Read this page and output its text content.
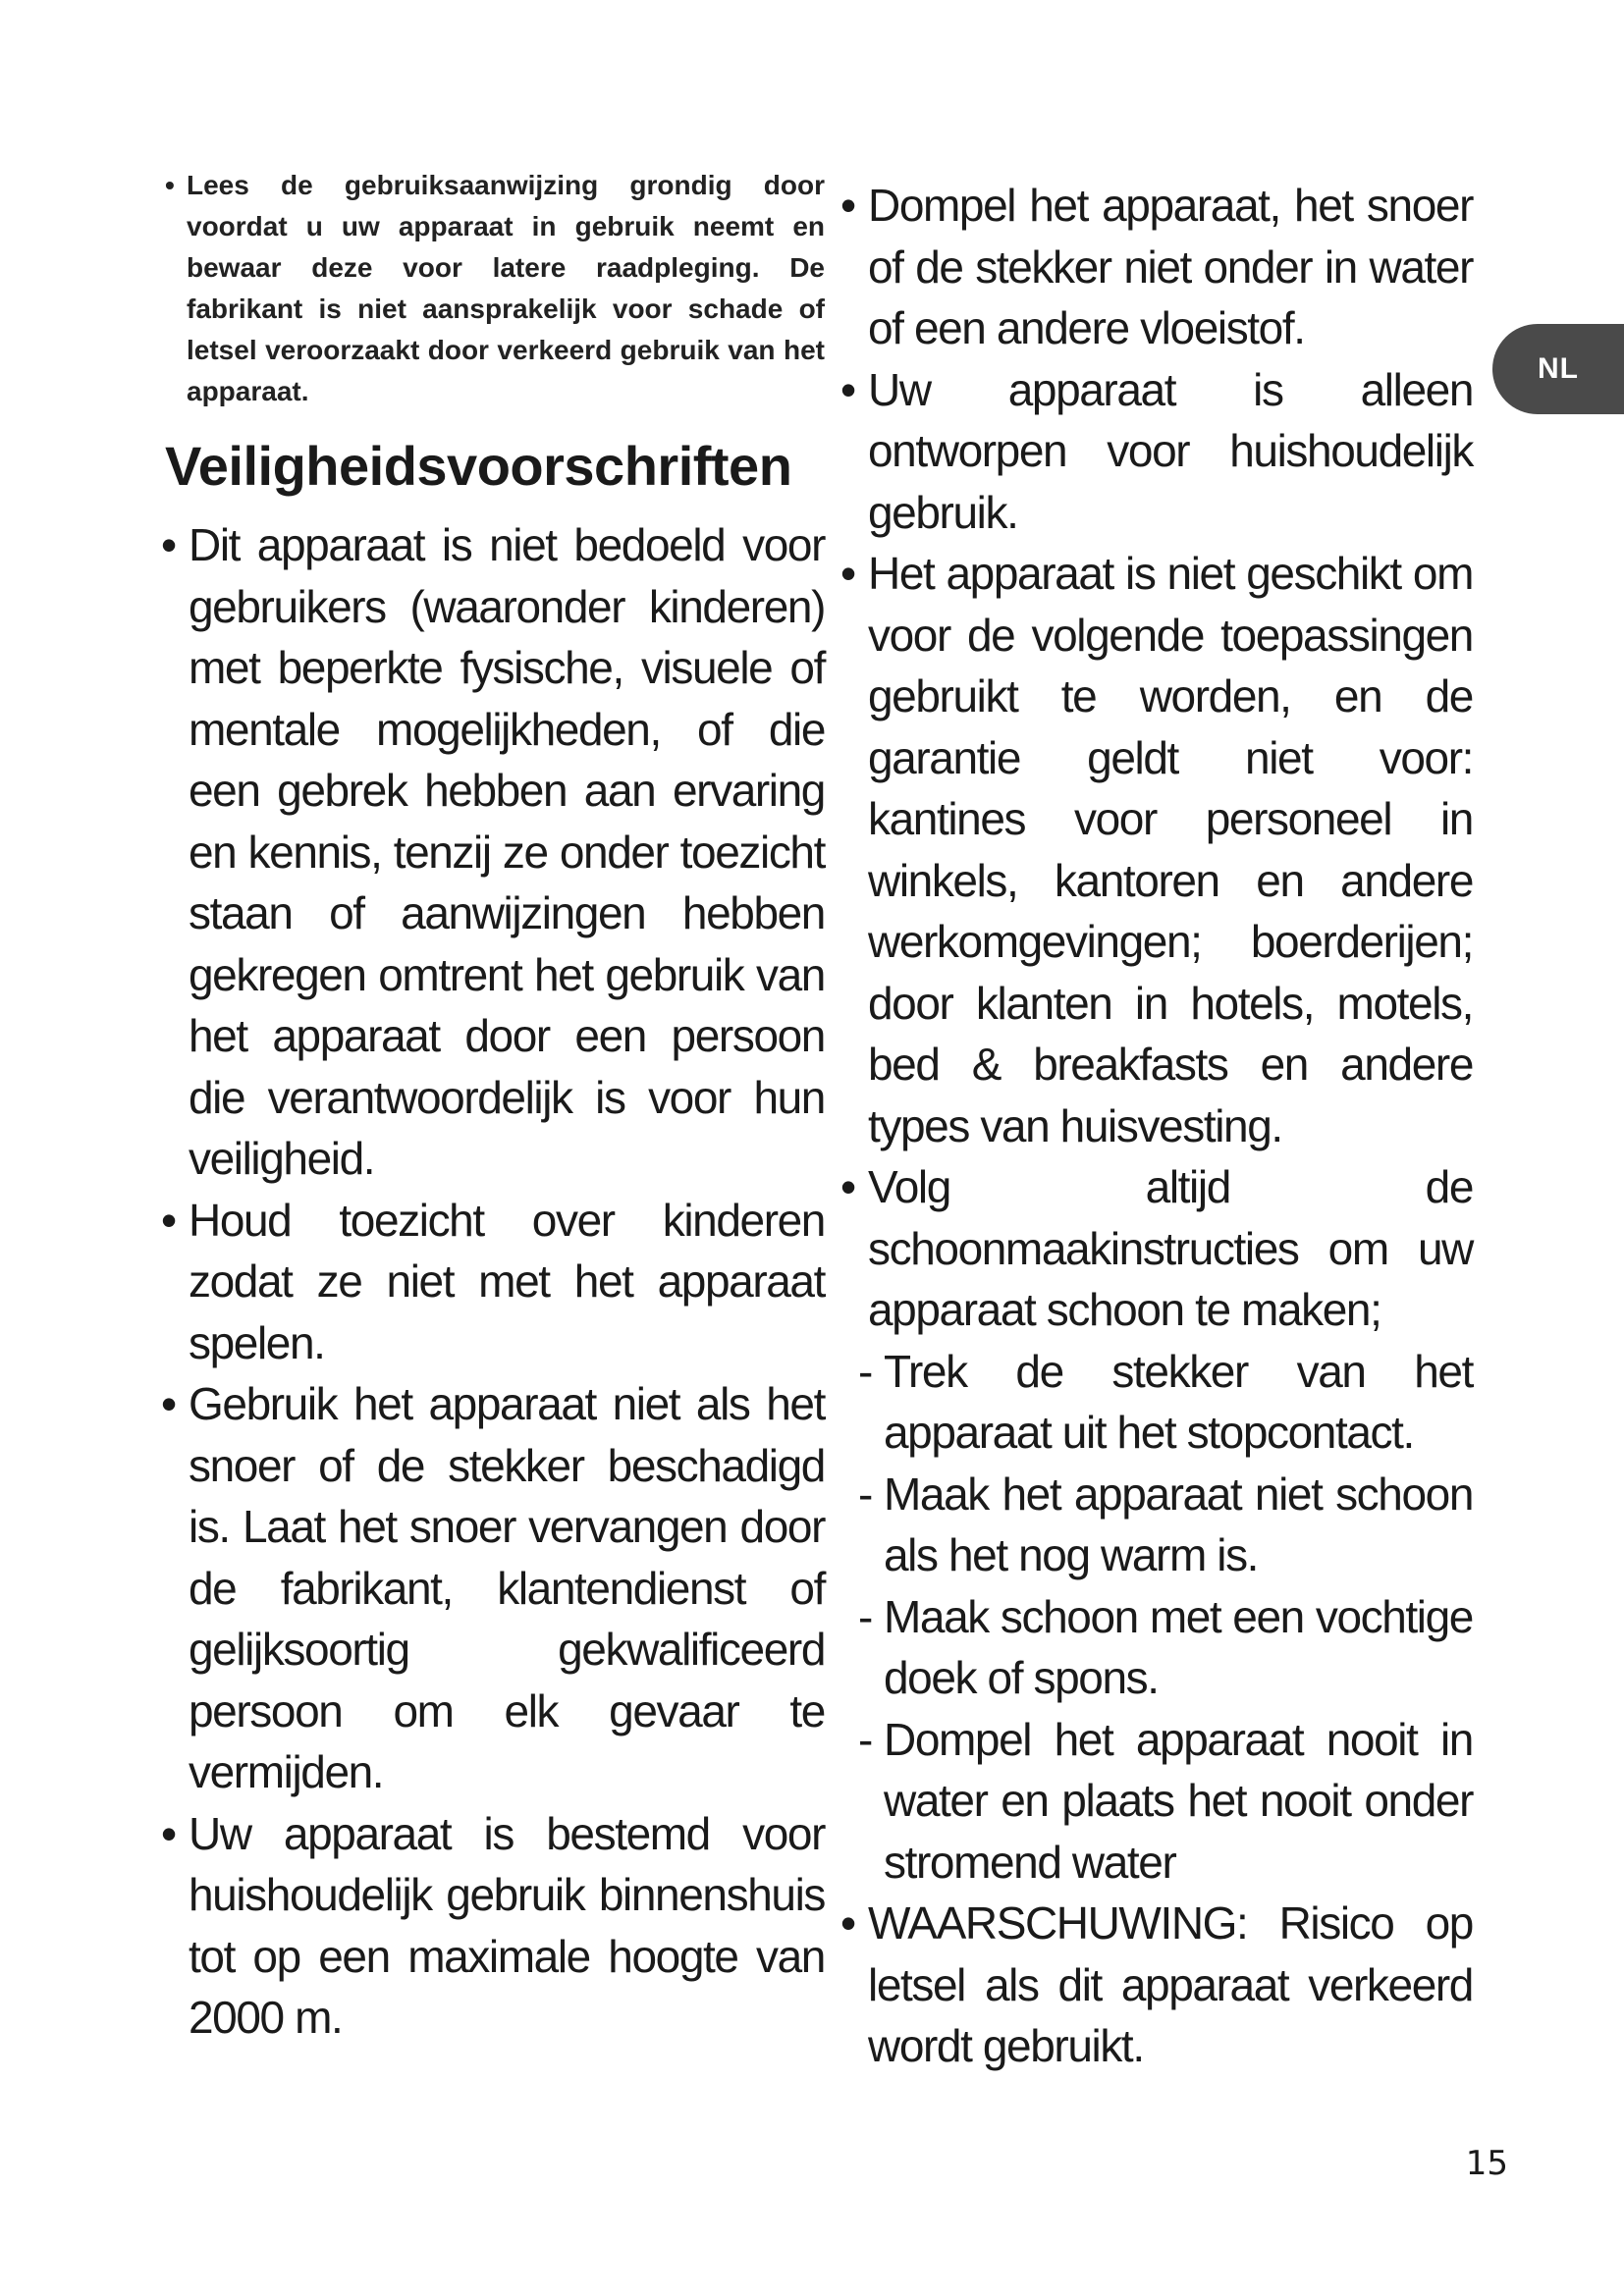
• Lees de gebruiksaanwijzing grondig door voordat u uw apparaat in gebruik neemt en bewaar deze voor latere raadpleging. De fabrikant is niet aansprakelijk voor schade of letsel veroorzaakt door verkeerd gebruik van het apparaat.
Veiligheidsvoorschriften
• Dit apparaat is niet bedoeld voor gebruikers (waaronder kinderen) met beperkte fysische, visuele of mentale mogelijkheden, of die een gebrek hebben aan ervaring en kennis, tenzij ze onder toezicht staan of aanwijzingen hebben gekregen omtrent het gebruik van het apparaat door een persoon die verantwoordelijk is voor hun veiligheid.
• Houd toezicht over kinderen zodat ze niet met het apparaat spelen.
• Gebruik het apparaat niet als het snoer of de stekker beschadigd is. Laat het snoer vervangen door de fabrikant, klantendienst of gelijksoortig gekwalificeerd persoon om elk gevaar te vermijden.
• Uw apparaat is bestemd voor huishoudelijk gebruik binnenshuis tot op een maximale hoogte van 2000 m.
• Dompel het apparaat, het snoer of de stekker niet onder in water of een andere vloeistof.
• Uw apparaat is alleen ontworpen voor huishoudelijk gebruik.
• Het apparaat is niet geschikt om voor de volgende toepassingen gebruikt te worden, en de garantie geldt niet voor: kantines voor personeel in winkels, kantoren en andere werkomgevingen; boerderijen; door klanten in hotels, motels, bed & breakfasts en andere types van huisvesting.
• Volg altijd de schoonmaakinstructies om uw apparaat schoon te maken;
- Trek de stekker van het apparaat uit het stopcontact.
- Maak het apparaat niet schoon als het nog warm is.
- Maak schoon met een vochtige doek of spons.
- Dompel het apparaat nooit in water en plaats het nooit onder stromend water
• WAARSCHUWING: Risico op letsel als dit apparaat verkeerd wordt gebruikt.
NL
15
